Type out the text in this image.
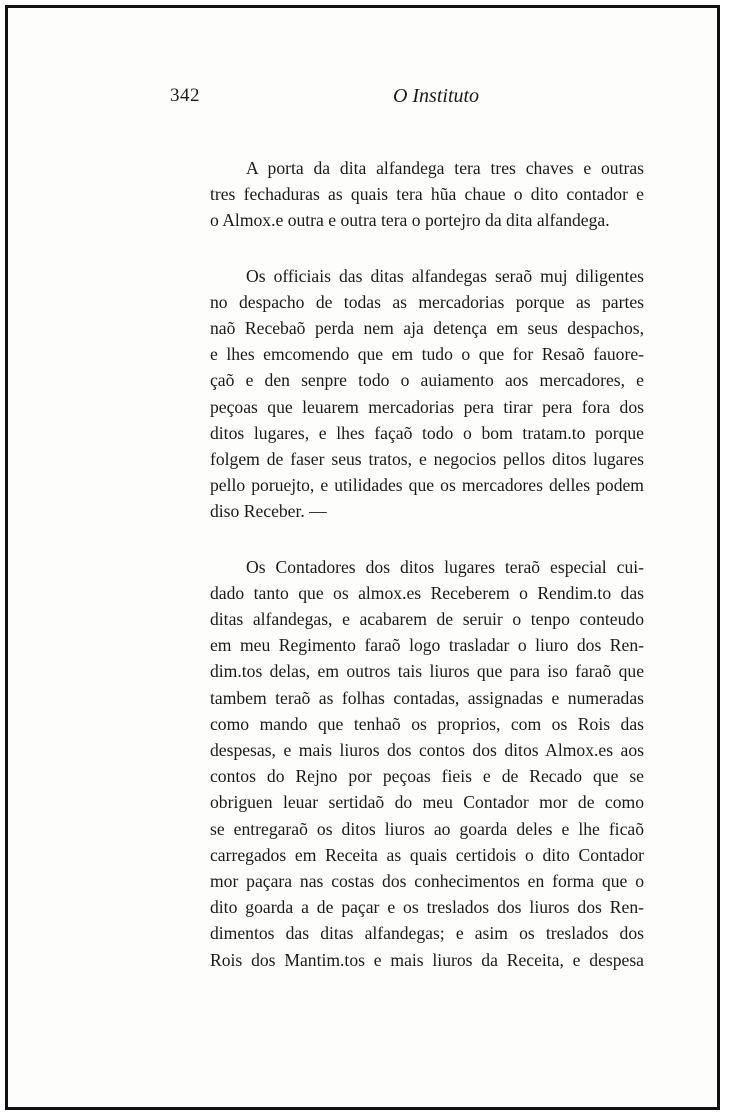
342	O Instituto
A porta da dita alfandega tera tres chaves e outras
tres fechaduras as quais tera hũa chaue o dito contador e
o Almox.e outra e outra tera o portejro da dita alfandega.
Os officiais das ditas alfandegas seraõ muj diligentes
no despacho de todas as mercadorias porque as partes
naõ Recebaõ perda nem aja detença em seus despachos,
e lhes emcomendo que em tudo o que for Resaõ fauore-
çaõ e den senpre todo o auiamento aos mercadores, e
peçoas que leuarem mercadorias pera tirar pera fora dos
ditos lugares, e lhes façaõ todo o bom tratam.to porque
folgem de faser seus tratos, e negocios pellos ditos lugares
pello poruejto, e utilidades que os mercadores delles podem
diso Receber. —
Os Contadores dos ditos lugares teraõ especial cui-
dado tanto que os almox.es Receberem o Rendim.to das
ditas alfandegas, e acabarem de seruir o tenpo conteudo
em meu Regimento faraõ logo trasladar o liuro dos Ren-
dim.tos delas, em outros tais liuros que para iso faraõ que
tambem teraõ as folhas contadas, assignadas e numeradas
como mando que tenhaõ os proprios, com os Rois das
despesas, e mais liuros dos contos dos ditos Almox.es aos
contos do Rejno por peçoas fieis e de Recado que se
obriguen leuar sertidaõ do meu Contador mor de como
se entregaraõ os ditos liuros ao goarda deles e lhe ficaõ
carregados em Receita as quais certidois o dito Contador
mor paçara nas costas dos conhecimentos en forma que o
dito goarda a de paçar e os treslados dos liuros dos Ren-
dimentos das ditas alfandegas; e asim os treslados dos
Rois dos Mantim.tos e mais liuros da Receita, e despesa
